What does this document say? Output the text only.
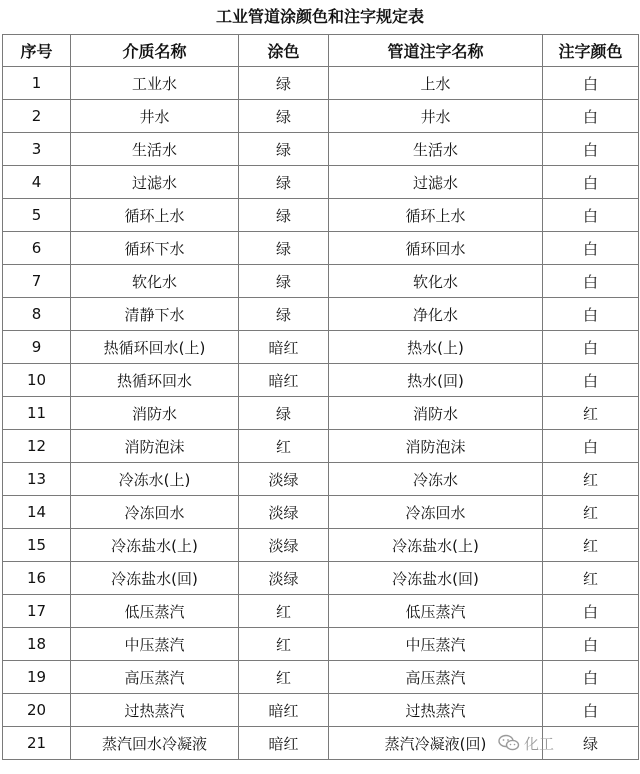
工业管道涂颜色和注字规定表
序号	介质名称	涂色	管道注字名称	注字颜色
1	工业水	绿	上水	白
2	井水	绿	井水	白
3	生活水	绿	生活水	白
4	过滤水	绿	过滤水	白
5	循环上水	绿	循环上水	白
6	循环下水	绿	循环回水	白
7	软化水	绿	软化水	白
8	清静下水	绿	净化水	白
9	热循环回水(上)	暗红	热水(上)	白
10	热循环回水	暗红	热水(回)	白
11	消防水	绿	消防水	红
12	消防泡沫	红	消防泡沫	白
13	冷冻水(上)	淡绿	冷冻水	红
14	冷冻回水	淡绿	冷冻回水	红
15	冷冻盐水(上)	淡绿	冷冻盐水(上)	红
16	冷冻盐水(回)	淡绿	冷冻盐水(回)	红
17	低压蒸汽	红	低压蒸汽	白
18	中压蒸汽	红	中压蒸汽	白
19	高压蒸汽	红	高压蒸汽	白
20	过热蒸汽	暗红	过热蒸汽	白
21	蒸汽回水冷凝液	暗红	蒸汽冷凝液(回)	绿
化工
